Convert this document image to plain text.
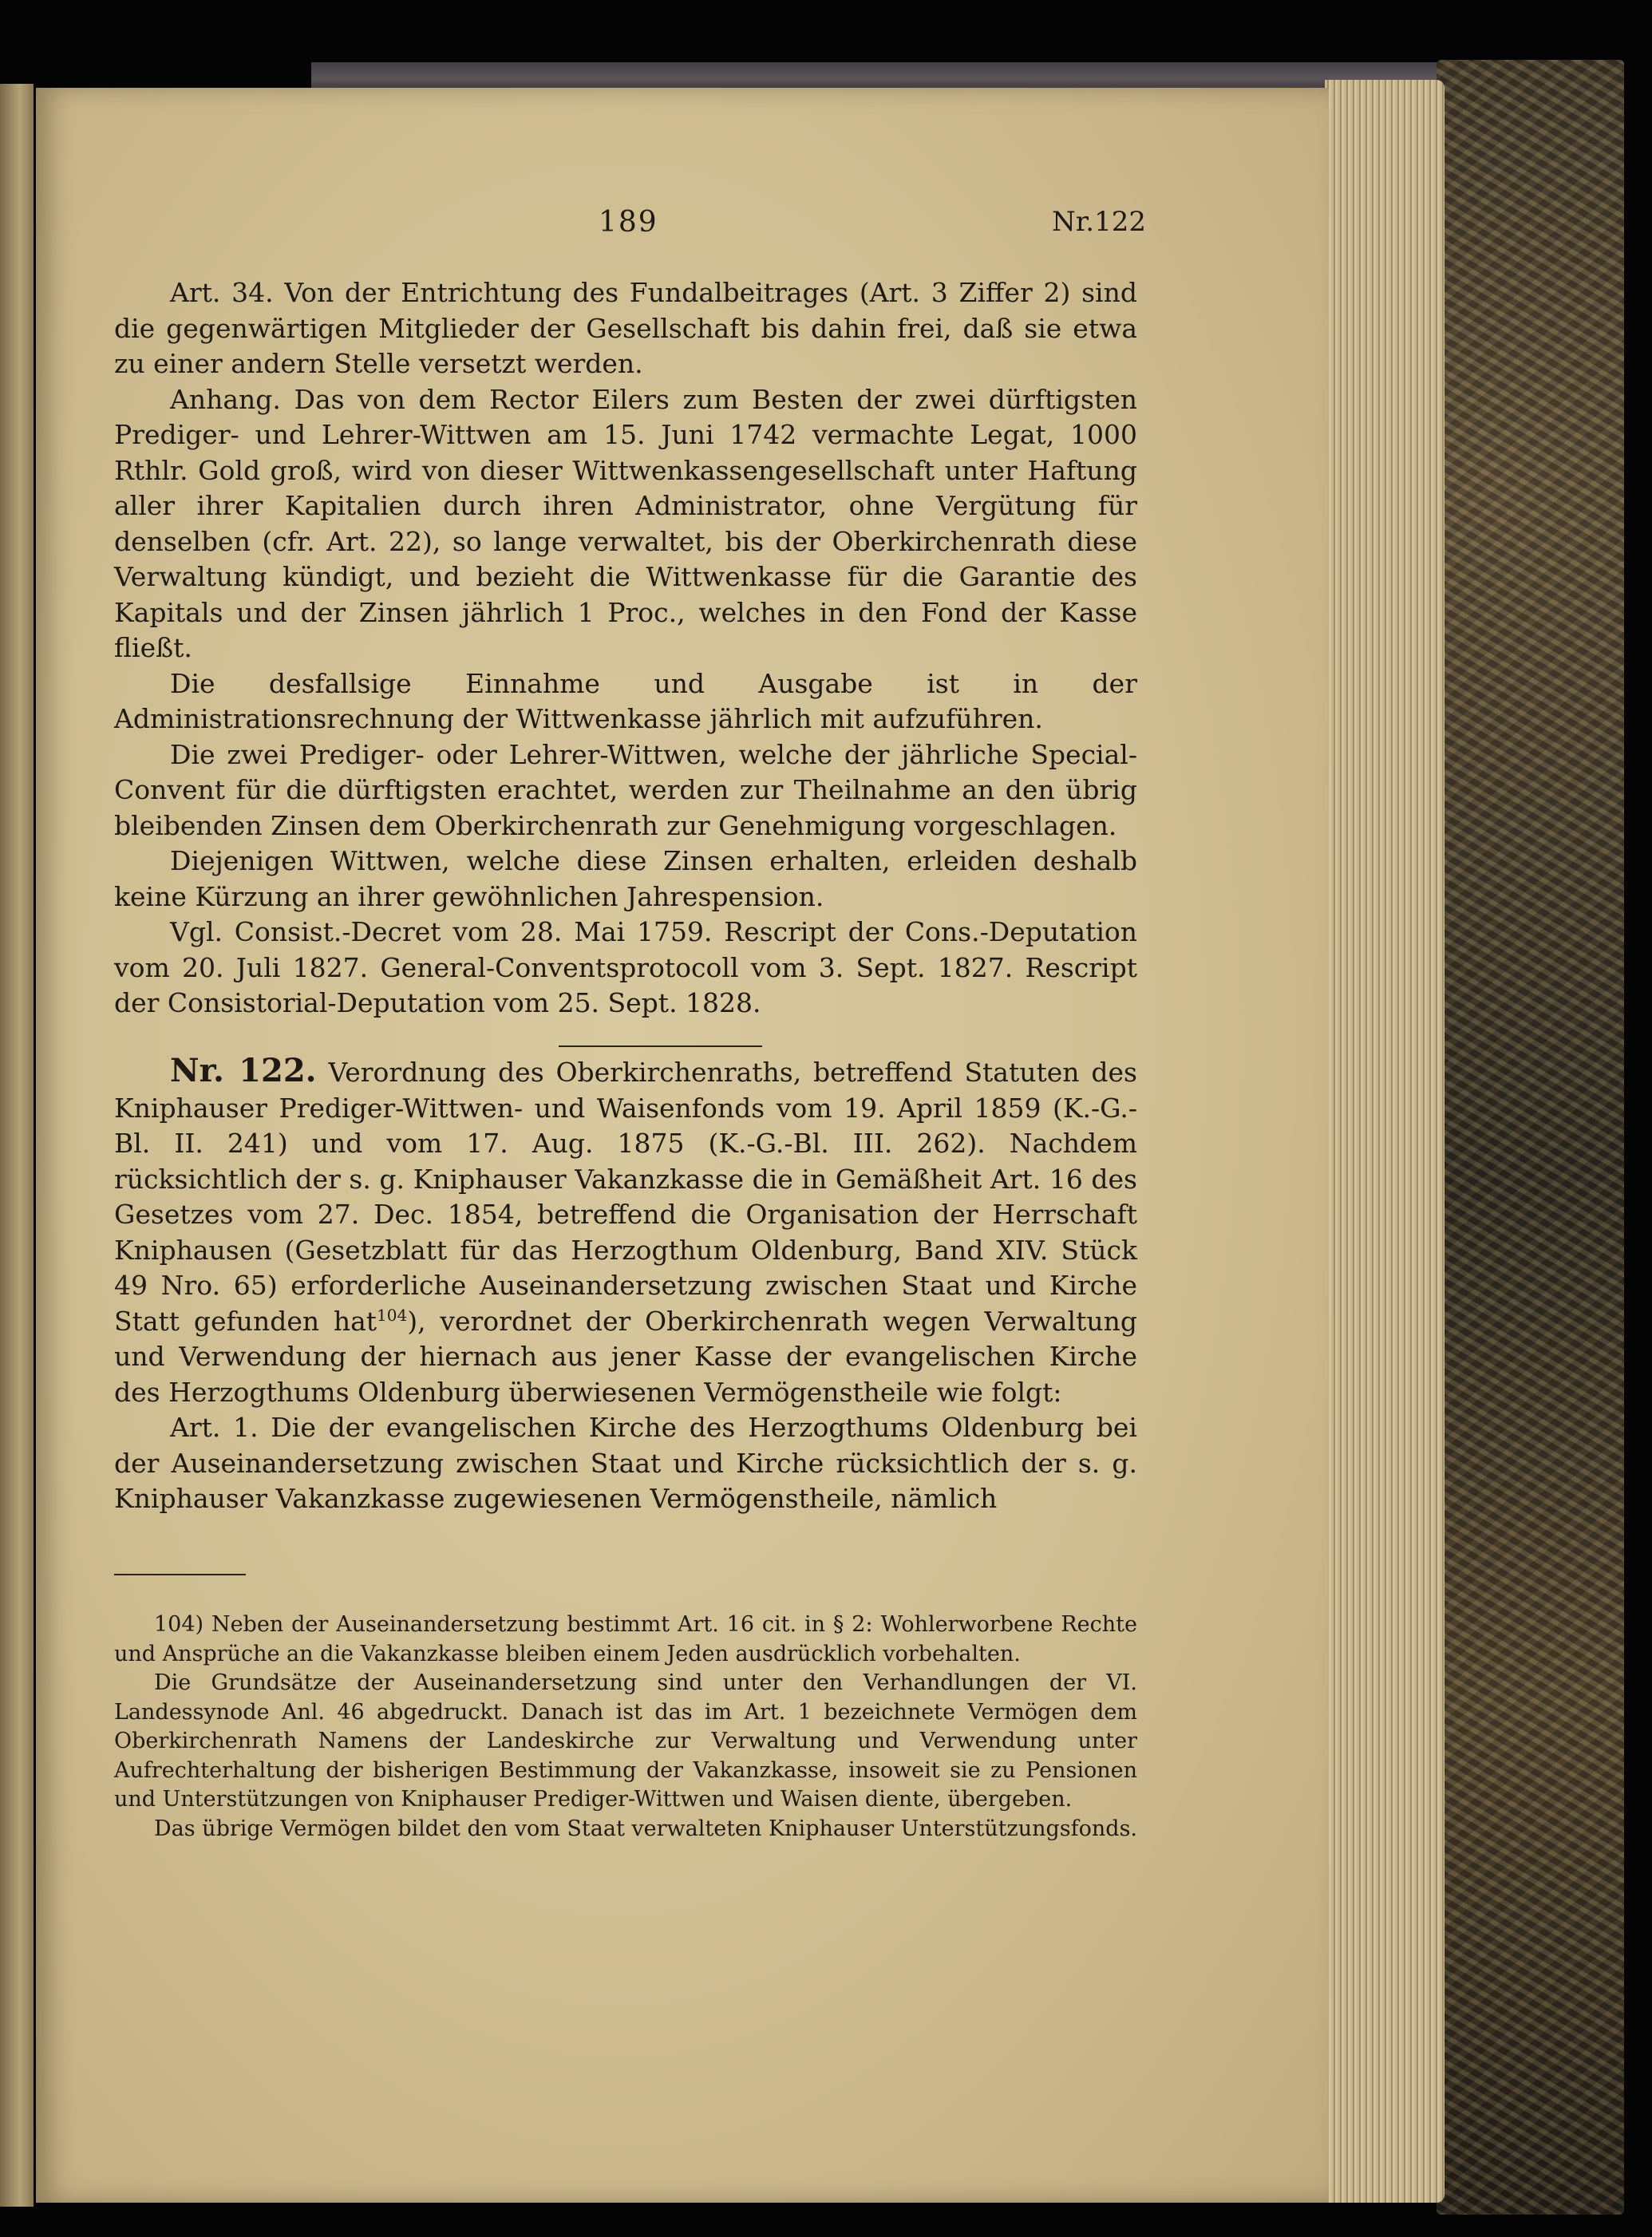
189	Nr.122

Art. 34. Von der Entrichtung des Fundalbeitrages (Art. 3 Ziffer 2) sind die gegenwärtigen Mitglieder der Gesellschaft bis dahin frei, daß sie etwa zu einer andern Stelle versetzt werden.

Anhang. Das von dem Rector Eilers zum Besten der zwei dürftigsten Prediger- und Lehrer-Wittwen am 15. Juni 1742 vermachte Legat, 1000 Rthlr. Gold groß, wird von dieser Wittwenkassengesellschaft unter Haftung aller ihrer Kapitalien durch ihren Administrator, ohne Vergütung für denselben (cfr. Art. 22), so lange verwaltet, bis der Oberkirchenrath diese Verwaltung kündigt, und bezieht die Wittwenkasse für die Garantie des Kapitals und der Zinsen jährlich 1 Proc., welches in den Fond der Kasse fließt.

Die desfallsige Einnahme und Ausgabe ist in der Administrationsrechnung der Wittwenkasse jährlich mit aufzuführen.

Die zwei Prediger- oder Lehrer-Wittwen, welche der jährliche Special-Convent für die dürftigsten erachtet, werden zur Theilnahme an den übrig bleibenden Zinsen dem Oberkirchenrath zur Genehmigung vorgeschlagen.

Diejenigen Wittwen, welche diese Zinsen erhalten, erleiden deshalb keine Kürzung an ihrer gewöhnlichen Jahrespension.

Vgl. Consist.-Decret vom 28. Mai 1759. Rescript der Cons.-Deputation vom 20. Juli 1827. General-Conventsprotocoll vom 3. Sept. 1827. Rescript der Consistorial-Deputation vom 25. Sept. 1828.

Nr. 122. Verordnung des Oberkirchenraths, betreffend Statuten des Kniphauser Prediger-Wittwen- und Waisenfonds vom 19. April 1859 (K.-G.-Bl. II. 241) und vom 17. Aug. 1875 (K.-G.-Bl. III. 262). Nachdem rücksichtlich der s. g. Kniphauser Vakanzkasse die in Gemäßheit Art. 16 des Gesetzes vom 27. Dec. 1854, betreffend die Organisation der Herrschaft Kniphausen (Gesetzblatt für das Herzogthum Oldenburg, Band XIV. Stück 49 Nro. 65) erforderliche Auseinandersetzung zwischen Staat und Kirche Statt gefunden hat$^{104}$), verordnet der Oberkirchenrath wegen Verwaltung und Verwendung der hiernach aus jener Kasse der evangelischen Kirche des Herzogthums Oldenburg überwiesenen Vermögenstheile wie folgt:

Art. 1. Die der evangelischen Kirche des Herzogthums Oldenburg bei der Auseinandersetzung zwischen Staat und Kirche rücksichtlich der s. g. Kniphauser Vakanzkasse zugewiesenen Vermögenstheile, nämlich

104) Neben der Auseinandersetzung bestimmt Art. 16 cit. in § 2: Wohlerworbene Rechte und Ansprüche an die Vakanzkasse bleiben einem Jeden ausdrücklich vorbehalten.

Die Grundsätze der Auseinandersetzung sind unter den Verhandlungen der VI. Landessynode Anl. 46 abgedruckt. Danach ist das im Art. 1 bezeichnete Vermögen dem Oberkirchenrath Namens der Landeskirche zur Verwaltung und Verwendung unter Aufrechterhaltung der bisherigen Bestimmung der Vakanzkasse, insoweit sie zu Pensionen und Unterstützungen von Kniphauser Prediger-Wittwen und Waisen diente, übergeben.

Das übrige Vermögen bildet den vom Staat verwalteten Kniphauser Unterstützungsfonds.
